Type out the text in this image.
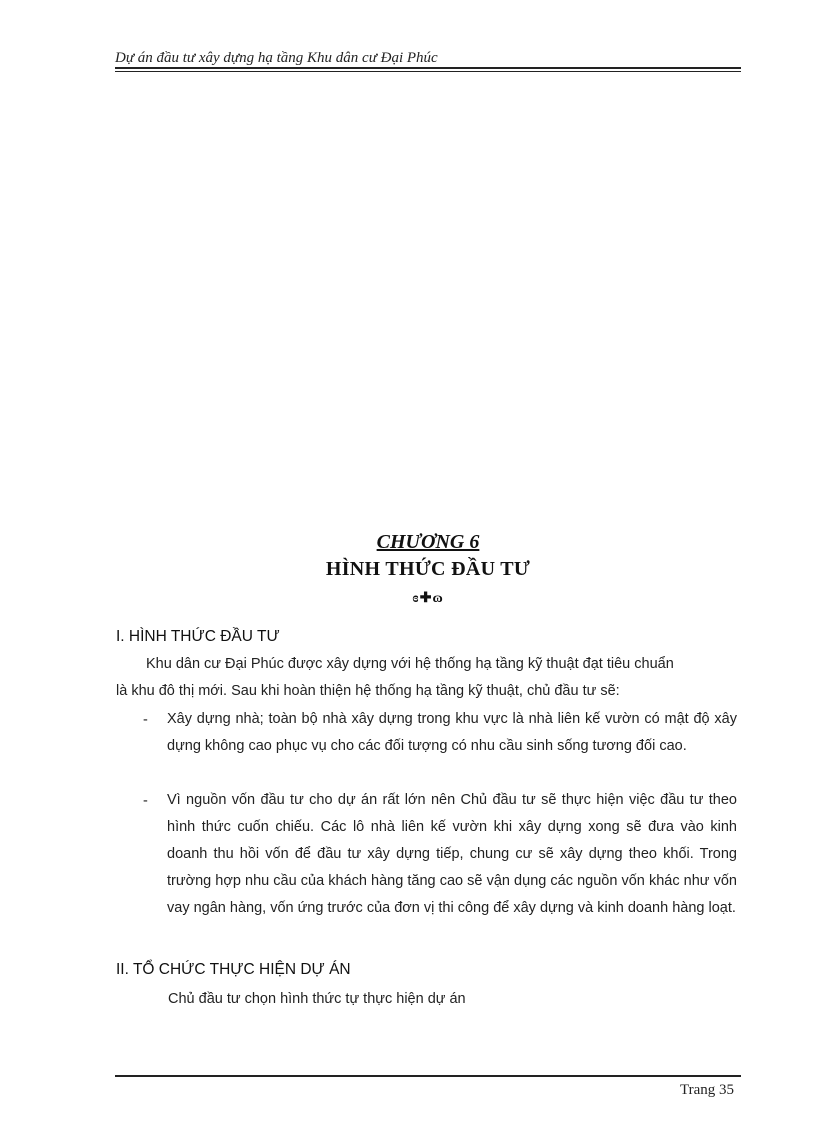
Dự án đầu tư xây dựng hạ tầng Khu dân cư Đại Phúc
CHƯƠNG 6
HÌNH THỨC ĐẦU TƯ
ɞ✚ɷ
I. HÌNH THỨC ĐẦU TƯ
Khu dân cư Đại Phúc được xây dựng với hệ thống hạ tầng kỹ thuật đạt tiêu chuẩn
là khu đô thị mới. Sau khi hoàn thiện hệ thống hạ tầng kỹ thuật, chủ đầu tư sẽ:
- Xây dựng nhà; toàn bộ nhà xây dựng trong khu vực là nhà liên kế vườn có mật độ xây dựng không cao phục vụ cho các đối tượng có nhu cầu sinh sống tương đối cao.
- Vì nguồn vốn đầu tư cho dự án rất lớn nên Chủ đầu tư sẽ thực hiện việc đầu tư theo hình thức cuốn chiếu. Các lô nhà liên kế vườn khi xây dựng xong sẽ đưa vào kinh doanh thu hồi vốn để đầu tư xây dựng tiếp, chung cư sẽ xây dựng theo khối. Trong trường hợp nhu cầu của khách hàng tăng cao sẽ vận dụng các nguồn vốn khác như vốn vay ngân hàng, vốn ứng trước của đơn vị thi công để xây dựng và kinh doanh hàng loạt.
II. TỔ CHỨC THỰC HIỆN DỰ ÁN
Chủ đầu tư chọn hình thức tự thực hiện dự án
Trang 35
